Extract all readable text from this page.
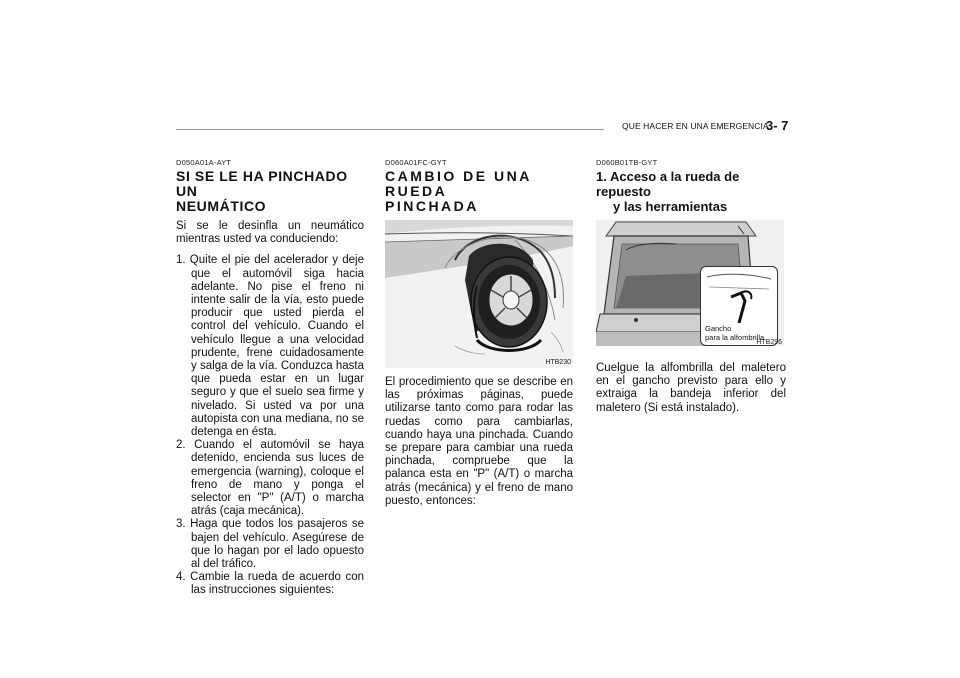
QUE HACER EN UNA EMERGENCIA
3- 7
D050A01A-AYT
SI SE LE HA PINCHADO UN
NEUMÁTICO

Si se le desinfla un neumático mientras usted va conduciendo:

1. Quite el pie del acelerador y deje que el automóvil siga hacia adelante. No pise el freno ni intente salir de la vía, esto puede producir que usted pierda el control del vehículo. Cuando el vehículo llegue a una velocidad prudente, frene cuidadosamente y salga de la vía. Conduzca hasta que pueda estar en un lugar seguro y que el suelo sea firme y nivelado. Si usted va por una autopista con una mediana, no se detenga en ésta.
2. Cuando el automóvil se haya detenido, encienda sus luces de emergencia (warning), coloque el freno de mano y ponga el selector en "P" (A/T) o marcha atrás (caja mecánica).
3. Haga que todos los pasajeros se bajen del vehículo. Asegúrese de que lo hagan por el lado opuesto al del tráfico.
4. Cambie la rueda de acuerdo con las instrucciones siguientes:
D060A01FC-GYT
CAMBIO DE UNA RUEDA
PINCHADA
HTB230

El procedimiento que se describe en las próximas páginas, puede utilizarse tanto como para rodar las ruedas como para cambiarlas, cuando haya una pinchada. Cuando se prepare para cambiar una rueda pinchada, compruebe que la palanca esta en "P" (A/T) o marcha atrás (mecánica) y el freno de mano puesto, entonces:

D060B01TB-GYT
1. Acceso a la rueda de repuesto
y las herramientas
Gancho
para la alfombrilla
HTB296

Cuelgue la alfombrilla del maletero en el gancho previsto para ello y extraiga la bandeja inferior del maletero (Si está instalado).
